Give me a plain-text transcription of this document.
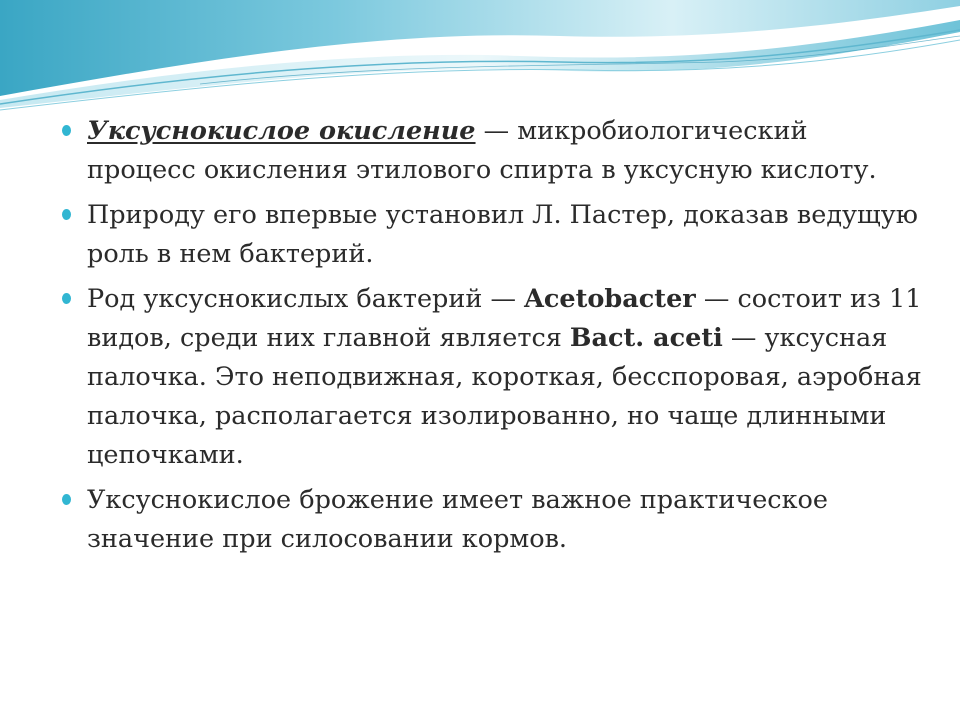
Уксуснокислое окисление — микробиологический процесс окисления этилового спирта в уксусную кислоту.
Природу его впервые установил Л. Пастер, доказав ведущую роль в нем бактерий.
Род уксуснокислых бактерий — Acetobacter — состоит из 11 видов, среди них главной является Bact. aceti — уксусная палочка. Это неподвижная, короткая, бесспоровая, аэробная палочка, располагается изолированно, но чаще длинными цепочками.
Уксуснокислое брожение имеет важное практическое значение при силосовании кормов.
